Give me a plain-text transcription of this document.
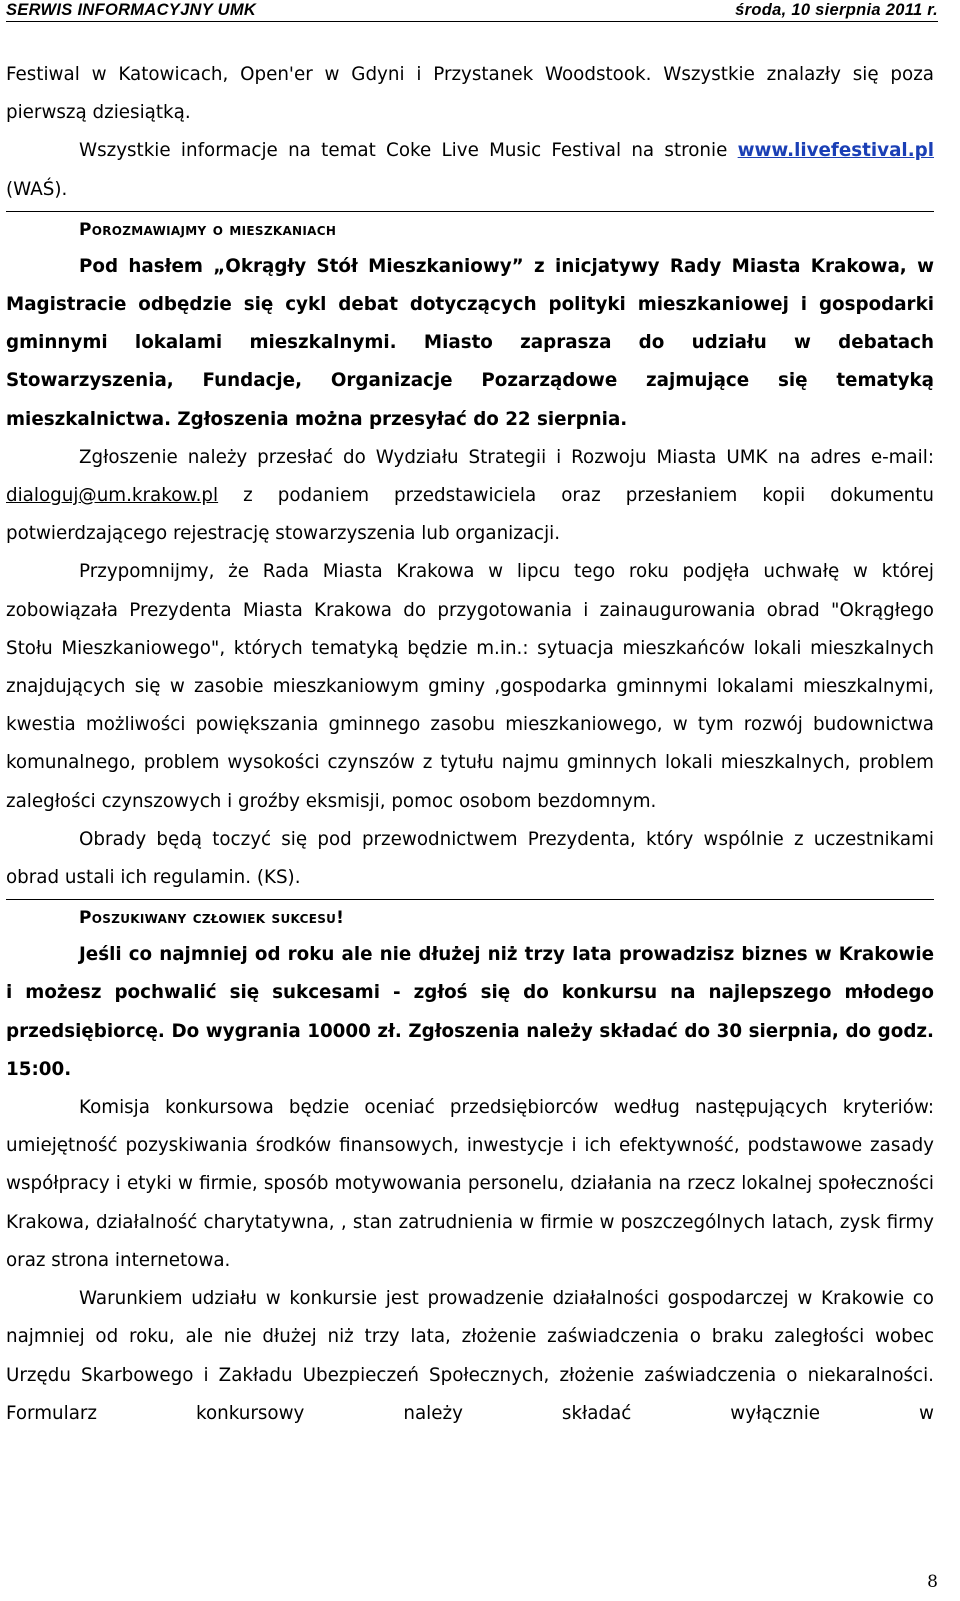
SERWIS INFORMACYJNY UMK	środa, 10 sierpnia 2011 r.

Festiwal w Katowicach, Open'er w Gdyni i Przystanek Woodstook. Wszystkie znalazły się poza pierwszą dziesiątką.

Wszystkie informacje na temat Coke Live Music Festival na stronie www.livefestival.pl (WAŚ).

Porozmawiajmy o mieszkaniach

Pod hasłem „Okrągły Stół Mieszkaniowy” z inicjatywy Rady Miasta Krakowa, w Magistracie odbędzie się cykl debat dotyczących polityki mieszkaniowej i gospodarki gminnymi lokalami mieszkalnymi. Miasto zaprasza do udziału w debatach Stowarzyszenia, Fundacje, Organizacje Pozarządowe zajmujące się tematyką mieszkalnictwa. Zgłoszenia można przesyłać do 22 sierpnia.

Zgłoszenie należy przesłać do Wydziału Strategii i Rozwoju Miasta UMK na adres e-mail: dialoguj@um.krakow.pl z podaniem przedstawiciela oraz przesłaniem kopii dokumentu potwierdzającego rejestrację stowarzyszenia lub organizacji.

Przypomnijmy, że Rada Miasta Krakowa w lipcu tego roku podjęła uchwałę w której zobowiązała Prezydenta Miasta Krakowa do przygotowania i zainaugurowania obrad "Okrągłego Stołu Mieszkaniowego", których tematyką będzie m.in.: sytuacja mieszkańców lokali mieszkalnych znajdujących się w zasobie mieszkaniowym gminy ,gospodarka gminnymi lokalami mieszkalnymi, kwestia możliwości powiększania gminnego zasobu mieszkaniowego, w tym rozwój budownictwa komunalnego, problem wysokości czynszów z tytułu najmu gminnych lokali mieszkalnych, problem zaległości czynszowych i groźby eksmisji, pomoc osobom bezdomnym.

Obrady będą toczyć się pod przewodnictwem Prezydenta, który wspólnie z uczestnikami obrad ustali ich regulamin. (KS).

Poszukiwany człowiek sukcesu!

Jeśli co najmniej od roku ale nie dłużej niż trzy lata prowadzisz biznes w Krakowie i możesz pochwalić się sukcesami - zgłoś się do konkursu na najlepszego młodego przedsiębiorcę. Do wygrania 10000 zł. Zgłoszenia należy składać do 30 sierpnia, do godz. 15:00.

Komisja konkursowa będzie oceniać przedsiębiorców według następujących kryteriów: umiejętność pozyskiwania środków finansowych, inwestycje i ich efektywność, podstawowe zasady współpracy i etyki w firmie, sposób motywowania personelu, działania na rzecz lokalnej społeczności Krakowa, działalność charytatywna, , stan zatrudnienia w firmie w poszczególnych latach, zysk firmy oraz strona internetowa.

Warunkiem udziału w konkursie jest prowadzenie działalności gospodarczej w Krakowie co najmniej od roku, ale nie dłużej niż trzy lata, złożenie zaświadczenia o braku zaległości wobec Urzędu Skarbowego i Zakładu Ubezpieczeń Społecznych, złożenie zaświadczenia o niekaralności. Formularz konkursowy należy składać wyłącznie w

8
